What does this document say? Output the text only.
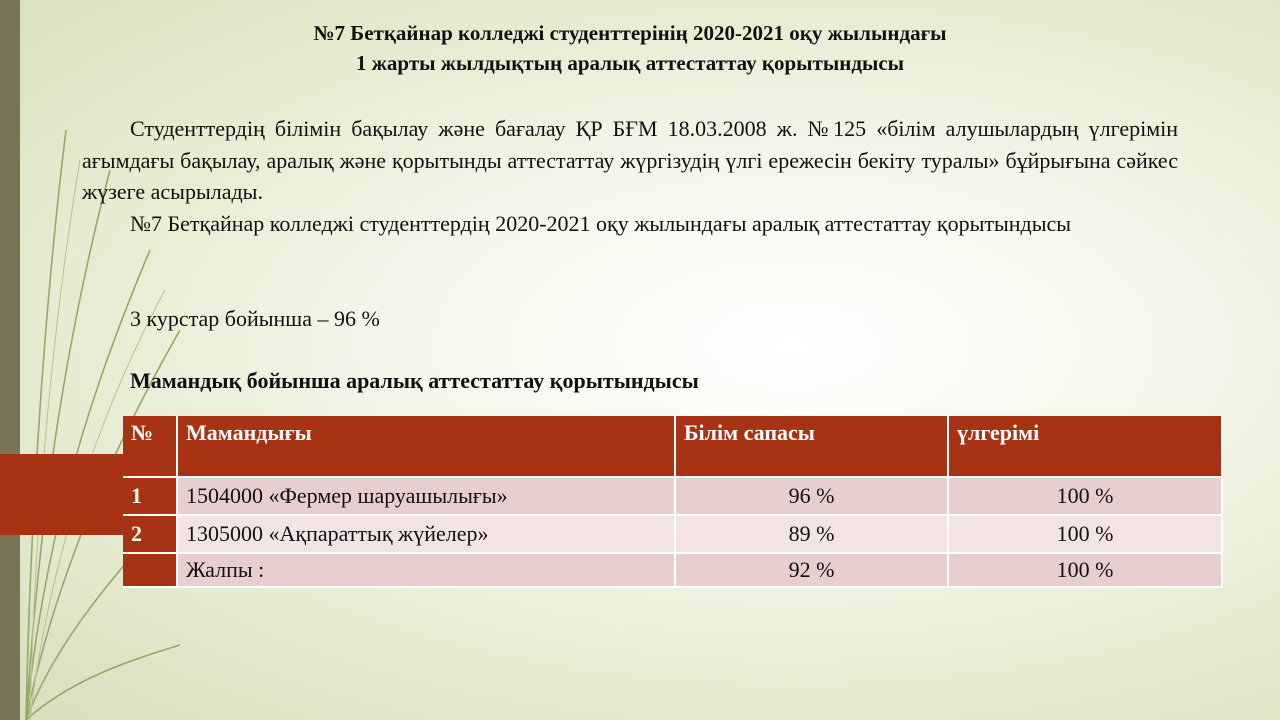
№7 Бетқайнар колледжі студенттерінің 2020-2021 оқу жылындағы
1 жарты жылдықтың аралық аттестаттау қорытындысы

Студенттердің білімін бақылау және бағалау ҚР БҒМ 18.03.2008 ж. №125 «білім алушылардың үлгерімін ағымдағы бақылау, аралық және қорытынды аттестаттау жүргізудің үлгі ережесін бекіту туралы» бұйрығына сәйкес жүзеге асырылады.

№7 Бетқайнар колледжі студенттердің 2020-2021 оқу жылындағы аралық аттестаттау қорытындысы

3 курстар бойынша – 96 %
Мамандық бойынша аралық аттестаттау қорытындысы
№	Мамандығы	Білім сапасы	үлгерімі
1	1504000 «Фермер шаруашылығы»	96 %	100 %
2	1305000 «Ақпараттық жүйелер»	89 %	100 %
	Жалпы :	92 %	100 %
